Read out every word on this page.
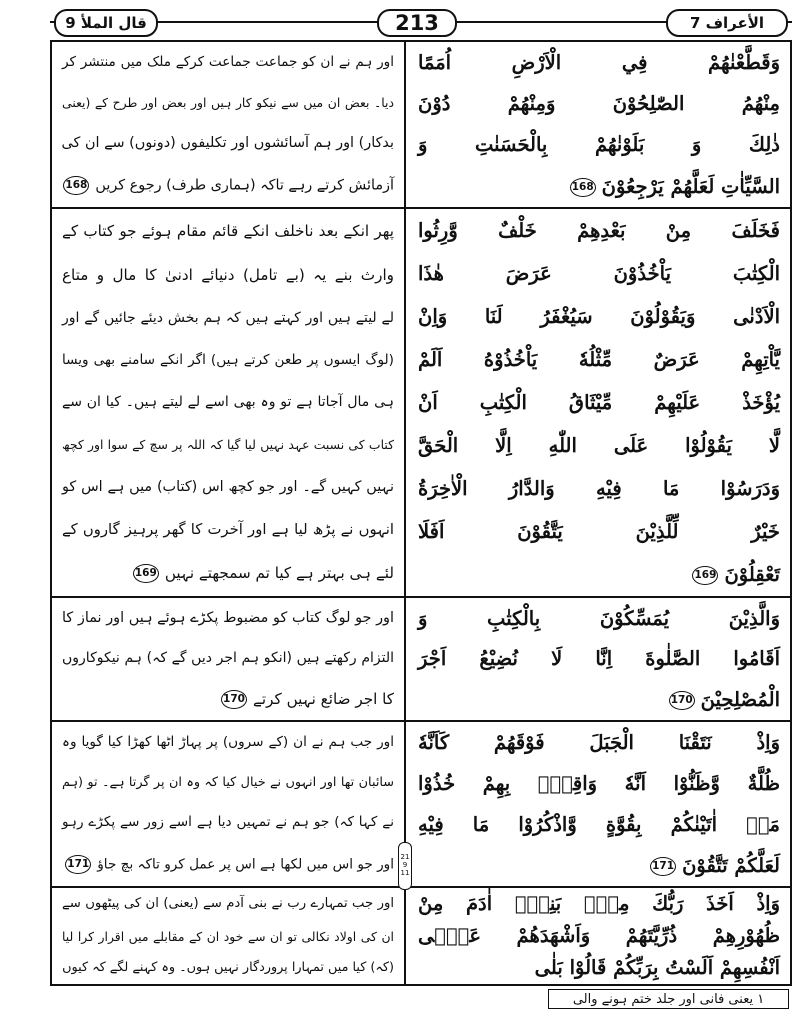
قال الملأ 9	213	الأعراف 7
وَقَطَّعْنٰهُمْ فِي الْاَرْضِ اُمَمًا
مِنْهُمُ الصّٰلِحُوْنَ وَمِنْهُمْ دُوْنَ
ذٰلِكَ وَ بَلَوْنٰهُمْ بِالْحَسَنٰتِ وَ
السَّيِّاٰتِ لَعَلَّهُمْ يَرْجِعُوْنَ168
اور ہم نے ان کو جماعت جماعت کرکے ملک میں منتشر کر
دیا۔ بعض ان میں سے نیکو کار ہیں اور بعض اور طرح کے (یعنی
بدکار) اور ہم آسائشوں اور تکلیفوں (دونوں) سے ان کی
آزمائش کرتے رہے تاکہ (ہماری طرف) رجوع کریں168
فَخَلَفَ مِنْ بَعْدِهِمْ خَلْفٌ وَّرِثُوا
الْكِتٰبَ يَاْخُذُوْنَ عَرَضَ هٰذَا
الْاَدْنٰى وَيَقُوْلُوْنَ سَيُغْفَرُ لَنَا وَاِنْ
يَّاْتِهِمْ عَرَضٌ مِّثْلُهٗ يَاْخُذُوْهُ اَلَمْ
يُؤْخَذْ عَلَيْهِمْ مِّيْثَاقُ الْكِتٰبِ اَنْ
لَّا يَقُوْلُوْا عَلَى اللّٰهِ اِلَّا الْحَقَّ
وَدَرَسُوْا مَا فِيْهِ وَالدَّارُ الْاٰخِرَةُ
خَيْرٌ لِّلَّذِيْنَ يَتَّقُوْنَ اَفَلَا
تَعْقِلُوْنَ169
پھر انکے بعد ناخلف انکے قائم مقام ہوئے جو کتاب کے
وارث بنے یہ (بے تامل) دنیائے ادنیٰ کا مال و متاع
لے لیتے ہیں اور کہتے ہیں کہ ہم بخش دیئے جائیں گے اور
(لوگ ایسوں پر طعن کرتے ہیں) اگر انکے سامنے بھی ویسا
ہی مال آجاتا ہے تو وہ بھی اسے لے لیتے ہیں۔ کیا ان سے
کتاب کی نسبت عہد نہیں لیا گیا کہ اللہ پر سچ کے سوا اور کچھ
نہیں کہیں گے۔ اور جو کچھ اس (کتاب) میں ہے اس کو
انہوں نے پڑھ لیا ہے اور آخرت کا گھر پرہیز گاروں کے
لئے ہی بہتر ہے کیا تم سمجھتے نہیں169
وَالَّذِيْنَ يُمَسِّكُوْنَ بِالْكِتٰبِ وَ
اَقَامُوا الصَّلٰوةَ اِنَّا لَا نُضِيْعُ اَجْرَ
الْمُصْلِحِيْنَ170
اور جو لوگ کتاب کو مضبوط پکڑے ہوئے ہیں اور نماز کا
التزام رکھتے ہیں (انکو ہم اجر دیں گے کہ) ہم نیکوکاروں
کا اجر ضائع نہیں کرتے170
وَاِذْ نَتَقْنَا الْجَبَلَ فَوْقَهُمْ كَاَنَّهٗ
ظُلَّةٌ وَّظَنُّوْا اَنَّهٗ وَاقِعٌۢ بِهِمْ خُذُوْا
مَاۤ اٰتَيْنٰكُمْ بِقُوَّةٍ وَّاذْكُرُوْا مَا فِيْهِ
لَعَلَّكُمْ تَتَّقُوْنَ171
اور جب ہم نے ان (کے سروں) پر پہاڑ اٹھا کھڑا کیا گویا وہ
سائبان تھا اور انہوں نے خیال کیا کہ وہ ان پر گرتا ہے۔ تو (ہم
نے کہا کہ) جو ہم نے تمہیں دیا ہے اسے زور سے پکڑے رہو
اور جو اس میں لکھا ہے اس پر عمل کرو تاکہ بچ جاؤ171
وَاِذْ اَخَذَ رَبُّكَ مِنْۢ بَنِيْۤ اٰدَمَ مِنْ
ظُهُوْرِهِمْ ذُرِّيَّتَهُمْ وَاَشْهَدَهُمْ عَلٰۤى
اَنْفُسِهِمْ اَلَسْتُ بِرَبِّكُمْ قَالُوْا بَلٰى
اور جب تمہارے رب نے بنی آدم سے (یعنی) ان کی پیٹھوں سے
ان کی اولاد نکالی تو ان سے خود ان کے مقابلے میں اقرار کرا لیا
(کہ) کیا میں تمہارا پروردگار نہیں ہوں۔ وہ کہنے لگے کہ کیوں
21
9
11
۱ یعنی فانی اور جلد ختم ہونے والی
